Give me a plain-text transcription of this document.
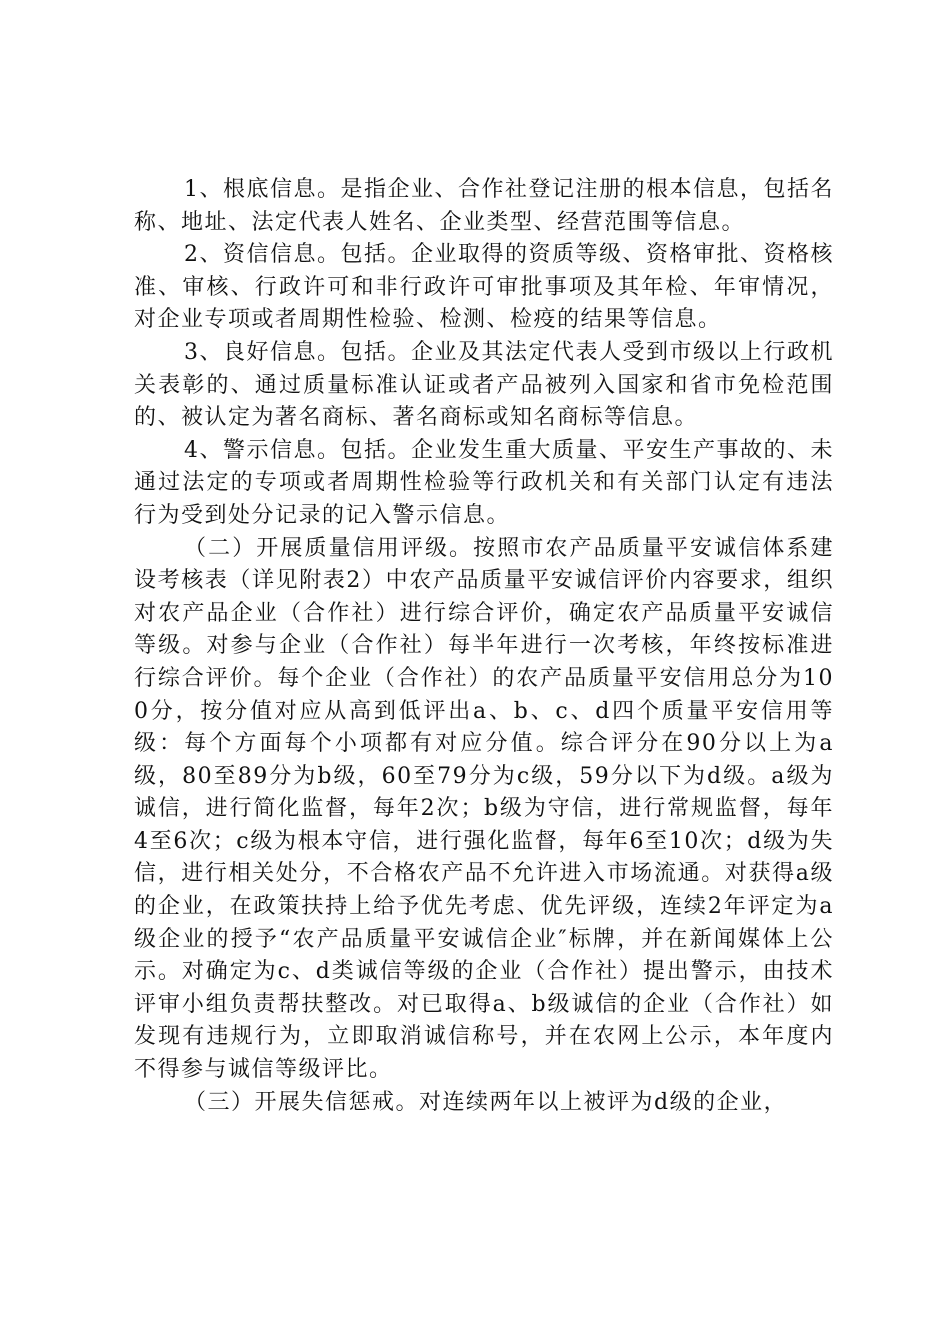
1、根底信息。是指企业、合作社登记注册的根本信息，包括名称、地址、法定代表人姓名、企业类型、经营范围等信息。

2、资信信息。包括。企业取得的资质等级、资格审批、资格核准、审核、行政许可和非行政许可审批事项及其年检、年审情况，对企业专项或者周期性检验、检测、检疫的结果等信息。

3、良好信息。包括。企业及其法定代表人受到市级以上行政机关表彰的、通过质量标准认证或者产品被列入国家和省市免检范围的、被认定为著名商标、著名商标或知名商标等信息。

4、警示信息。包括。企业发生重大质量、平安生产事故的、未通过法定的专项或者周期性检验等行政机关和有关部门认定有违法行为受到处分记录的记入警示信息。

（二）开展质量信用评级。按照市农产品质量平安诚信体系建设考核表（详见附表2）中农产品质量平安诚信评价内容要求，组织对农产品企业（合作社）进行综合评价，确定农产品质量平安诚信等级。对参与企业（合作社）每半年进行一次考核，年终按标准进行综合评价。每个企业（合作社）的农产品质量平安信用总分为100分，按分值对应从高到低评出a、b、c、d四个质量平安信用等级：每个方面每个小项都有对应分值。综合评分在90分以上为a级，80至89分为b级，60至79分为c级，59分以下为d级。a级为诚信，进行简化监督，每年2次；b级为守信，进行常规监督，每年4至6次；c级为根本守信，进行强化监督，每年6至10次；d级为失信，进行相关处分，不合格农产品不允许进入市场流通。对获得a级的企业，在政策扶持上给予优先考虑、优先评级，连续2年评定为a级企业的授予“农产品质量平安诚信企业″标牌，并在新闻媒体上公示。对确定为c、d类诚信等级的企业（合作社）提出警示，由技术评审小组负责帮扶整改。对已取得a、b级诚信的企业（合作社）如发现有违规行为，立即取消诚信称号，并在农网上公示，本年度内不得参与诚信等级评比。

（三）开展失信惩戒。对连续两年以上被评为d级的企业，
